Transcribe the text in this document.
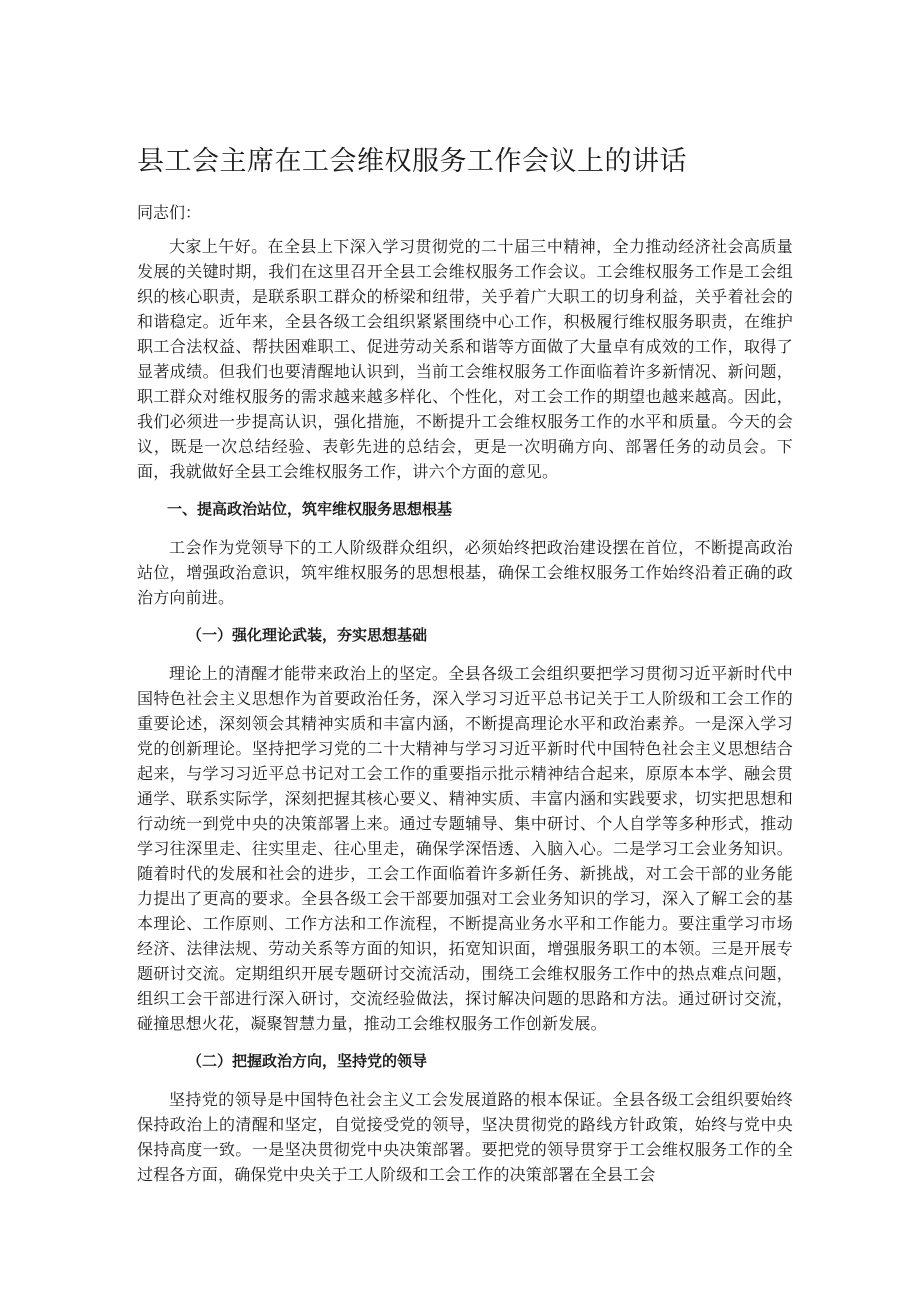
县工会主席在工会维权服务工作会议上的讲话

同志们：

大家上午好。在全县上下深入学习贯彻党的二十届三中精神，全力推动经济社会高质量发展的关键时期，我们在这里召开全县工会维权服务工作会议。工会维权服务工作是工会组织的核心职责，是联系职工群众的桥梁和纽带，关乎着广大职工的切身利益，关乎着社会的和谐稳定。近年来，全县各级工会组织紧紧围绕中心工作，积极履行维权服务职责，在维护职工合法权益、帮扶困难职工、促进劳动关系和谐等方面做了大量卓有成效的工作，取得了显著成绩。但我们也要清醒地认识到，当前工会维权服务工作面临着许多新情况、新问题，职工群众对维权服务的需求越来越多样化、个性化，对工会工作的期望也越来越高。因此，我们必须进一步提高认识，强化措施，不断提升工会维权服务工作的水平和质量。今天的会议，既是一次总结经验、表彰先进的总结会，更是一次明确方向、部署任务的动员会。下面，我就做好全县工会维权服务工作，讲六个方面的意见。

一、提高政治站位，筑牢维权服务思想根基

工会作为党领导下的工人阶级群众组织，必须始终把政治建设摆在首位，不断提高政治站位，增强政治意识，筑牢维权服务的思想根基，确保工会维权服务工作始终沿着正确的政治方向前进。

（一）强化理论武装，夯实思想基础

理论上的清醒才能带来政治上的坚定。全县各级工会组织要把学习贯彻习近平新时代中国特色社会主义思想作为首要政治任务，深入学习习近平总书记关于工人阶级和工会工作的重要论述，深刻领会其精神实质和丰富内涵，不断提高理论水平和政治素养。一是深入学习党的创新理论。坚持把学习党的二十大精神与学习习近平新时代中国特色社会主义思想结合起来，与学习习近平总书记对工会工作的重要指示批示精神结合起来，原原本本学、融会贯通学、联系实际学，深刻把握其核心要义、精神实质、丰富内涵和实践要求，切实把思想和行动统一到党中央的决策部署上来。通过专题辅导、集中研讨、个人自学等多种形式，推动学习往深里走、往实里走、往心里走，确保学深悟透、入脑入心。二是学习工会业务知识。随着时代的发展和社会的进步，工会工作面临着许多新任务、新挑战，对工会干部的业务能力提出了更高的要求。全县各级工会干部要加强对工会业务知识的学习，深入了解工会的基本理论、工作原则、工作方法和工作流程，不断提高业务水平和工作能力。要注重学习市场经济、法律法规、劳动关系等方面的知识，拓宽知识面，增强服务职工的本领。三是开展专题研讨交流。定期组织开展专题研讨交流活动，围绕工会维权服务工作中的热点难点问题，组织工会干部进行深入研讨，交流经验做法，探讨解决问题的思路和方法。通过研讨交流，碰撞思想火花，凝聚智慧力量，推动工会维权服务工作创新发展。

（二）把握政治方向，坚持党的领导

坚持党的领导是中国特色社会主义工会发展道路的根本保证。全县各级工会组织要始终保持政治上的清醒和坚定，自觉接受党的领导，坚决贯彻党的路线方针政策，始终与党中央保持高度一致。一是坚决贯彻党中央决策部署。要把党的领导贯穿于工会维权服务工作的全过程各方面，确保党中央关于工人阶级和工会工作的决策部署在全县工会
